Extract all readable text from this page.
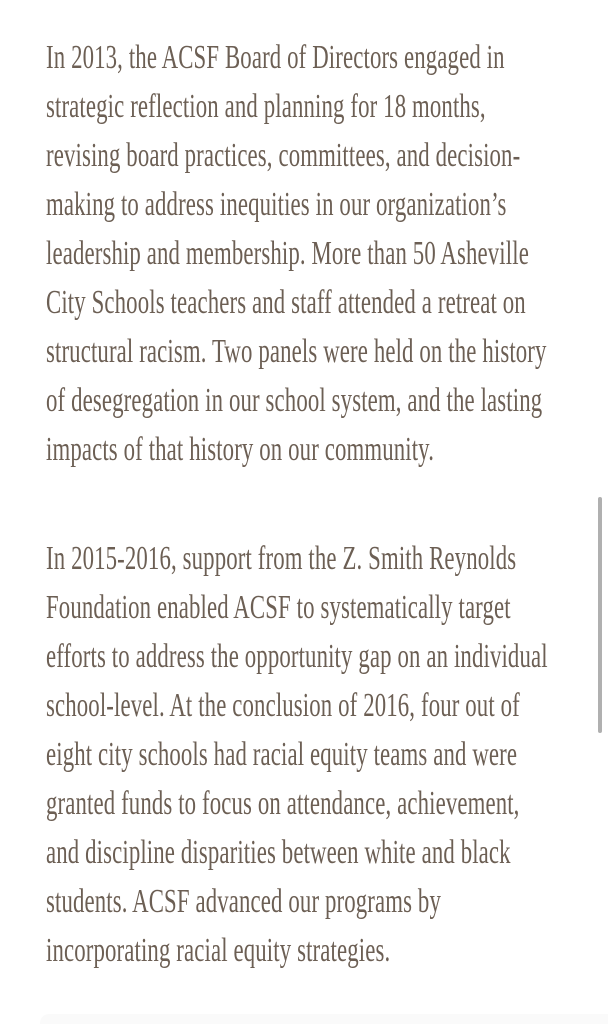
In 2013, the ACSF Board of Directors engaged in
strategic reflection and planning for 18 months,
revising board practices, committees, and decision-
making to address inequities in our organization’s
leadership and membership. More than 50 Asheville
City Schools teachers and staff attended a retreat on
structural racism. Two panels were held on the history
of desegregation in our school system, and the lasting
impacts of that history on our community.
In 2015-2016, support from the Z. Smith Reynolds
Foundation enabled ACSF to systematically target
efforts to address the opportunity gap on an individual
school-level. At the conclusion of 2016, four out of
eight city schools had racial equity teams and were
granted funds to focus on attendance, achievement,
and discipline disparities between white and black
students. ACSF advanced our programs by
incorporating racial equity strategies.
